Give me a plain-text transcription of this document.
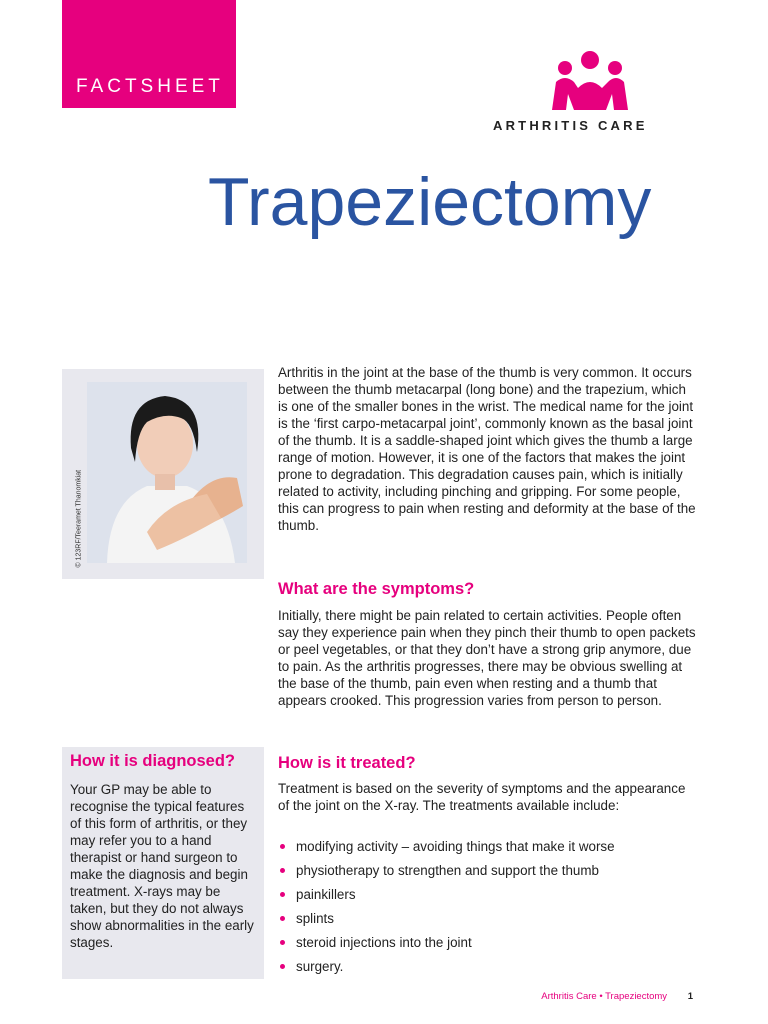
FACTSHEET
ARTHRITIS CARE
Trapeziectomy
© 123RF/Teeramet Thanomkiat

Arthritis in the joint at the base of the thumb is very common. It occurs between the thumb metacarpal (long bone) and the trapezium, which is one of the smaller bones in the wrist. The medical name for the joint is the ‘first carpo-metacarpal joint’, commonly known as the basal joint of the thumb. It is a saddle-shaped joint which gives the thumb a large range of motion. However, it is one of the factors that makes the joint prone to degradation. This degradation causes pain, which is initially related to activity, including pinching and gripping. For some people, this can progress to pain when resting and deformity at the base of the thumb.

What are the symptoms?

Initially, there might be pain related to certain activities. People often say they experience pain when they pinch their thumb to open packets or peel vegetables, or that they don’t have a strong grip anymore, due to pain. As the arthritis progresses, there may be obvious swelling at the base of the thumb, pain even when resting and a thumb that appears crooked. This progression varies from person to person.

How it is diagnosed?

Your GP may be able to recognise the typical features of this form of arthritis, or they may refer you to a hand therapist or hand surgeon to make the diagnosis and begin treatment. X-rays may be taken, but they do not always show abnormalities in the early stages.

How is it treated?

Treatment is based on the severity of symptoms and the appearance of the joint on the X-ray. The treatments available include:

modifying activity – avoiding things that make it worse
physiotherapy to strengthen and support the thumb
painkillers
splints
steroid injections into the joint
surgery.
Arthritis Care • Trapeziectomy 1
